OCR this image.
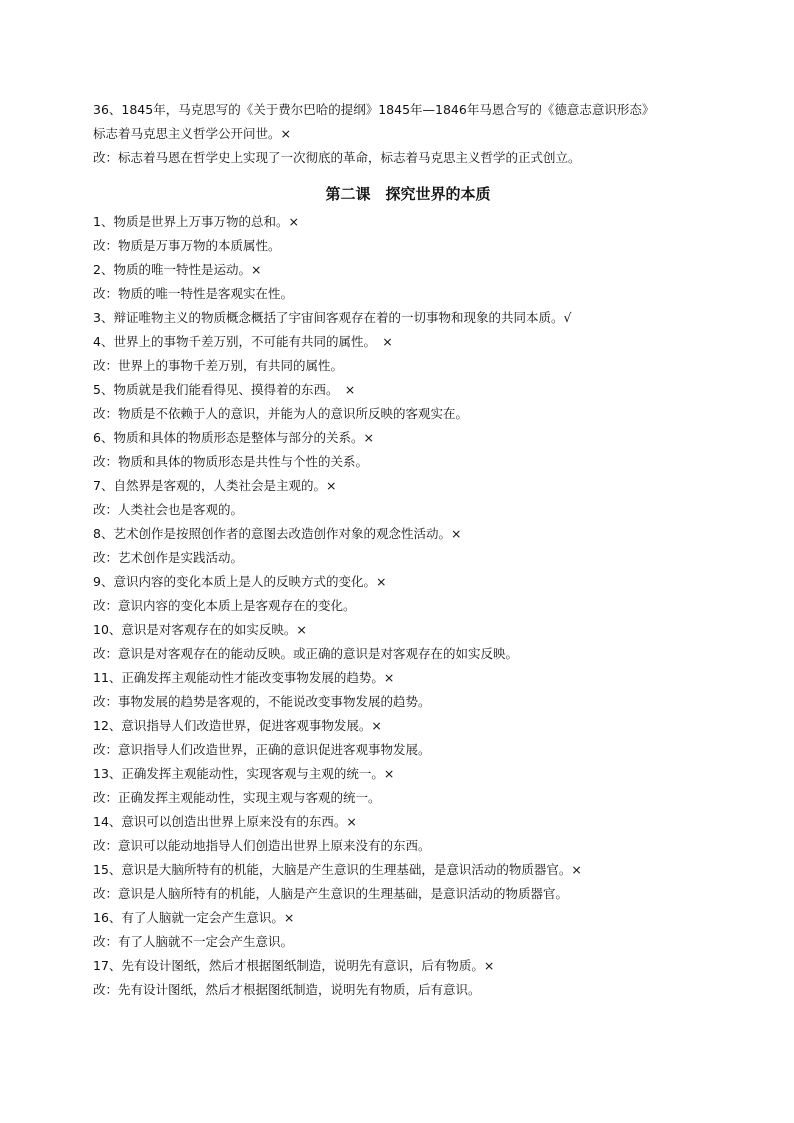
36、1845年，马克思写的《关于费尔巴哈的提纲》1845年—1846年马恩合写的《德意志意识形态》
标志着马克思主义哲学公开问世。×
改：标志着马恩在哲学史上实现了一次彻底的革命，标志着马克思主义哲学的正式创立。
第二课　探究世界的本质
1、物质是世界上万事万物的总和。×
改：物质是万事万物的本质属性。
2、物质的唯一特性是运动。×
改：物质的唯一特性是客观实在性。
3、辩证唯物主义的物质概念概括了宇宙间客观存在着的一切事物和现象的共同本质。√
4、世界上的事物千差万别，不可能有共同的属性。　×
改：世界上的事物千差万别，有共同的属性。
5、物质就是我们能看得见、摸得着的东西。　×
改：物质是不依赖于人的意识，并能为人的意识所反映的客观实在。
6、物质和具体的物质形态是整体与部分的关系。×
改：物质和具体的物质形态是共性与个性的关系。
7、自然界是客观的，人类社会是主观的。×
改：人类社会也是客观的。
8、艺术创作是按照创作者的意图去改造创作对象的观念性活动。×
改：艺术创作是实践活动。
9、意识内容的变化本质上是人的反映方式的变化。×
改：意识内容的变化本质上是客观存在的变化。
10、意识是对客观存在的如实反映。×
改：意识是对客观存在的能动反映。或正确的意识是对客观存在的如实反映。
11、正确发挥主观能动性才能改变事物发展的趋势。×
改：事物发展的趋势是客观的，不能说改变事物发展的趋势。
12、意识指导人们改造世界，促进客观事物发展。×
改：意识指导人们改造世界，正确的意识促进客观事物发展。
13、正确发挥主观能动性，实现客观与主观的统一。×
改：正确发挥主观能动性，实现主观与客观的统一。
14、意识可以创造出世界上原来没有的东西。×
改：意识可以能动地指导人们创造出世界上原来没有的东西。
15、意识是大脑所特有的机能，大脑是产生意识的生理基础，是意识活动的物质器官。×
改：意识是人脑所特有的机能，人脑是产生意识的生理基础，是意识活动的物质器官。
16、有了人脑就一定会产生意识。×
改：有了人脑就不一定会产生意识。
17、先有设计图纸，然后才根据图纸制造，说明先有意识，后有物质。×
改：先有设计图纸，然后才根据图纸制造，说明先有物质，后有意识。
